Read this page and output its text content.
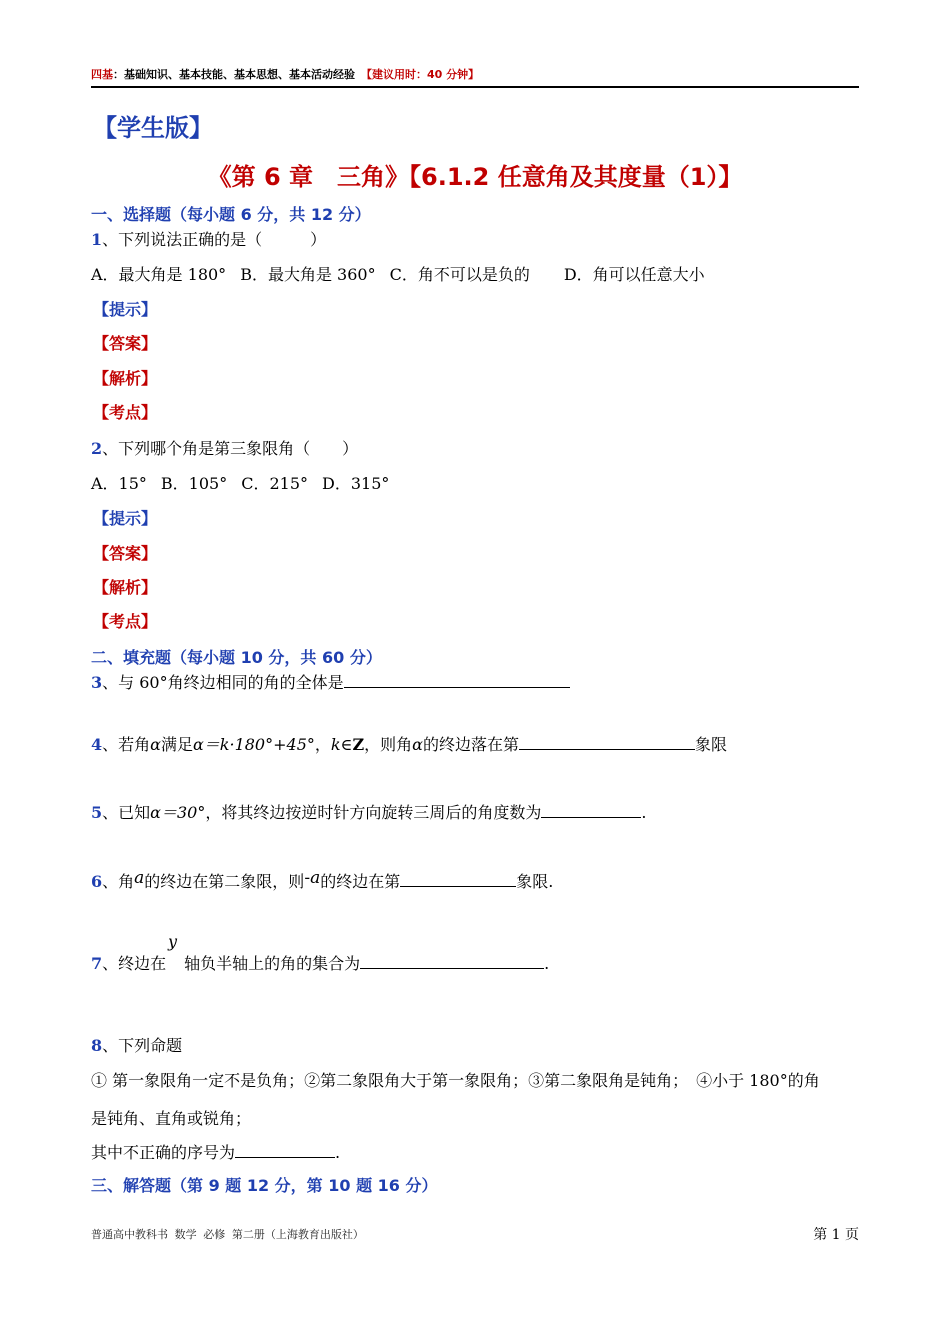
四基：基础知识、基本技能、基本思想、基本活动经验 【建议用时：40 分钟】
【学生版】
《第 6 章　三角》【6.1.2 任意角及其度量（1）】
一、选择题（每小题 6 分，共 12 分）
1、下列说法正确的是（　　　）
A．最大角是 180° B．最大角是 360° C．角不可以是负的 D．角可以任意大小
【提示】
【答案】
【解析】
【考点】
2、下列哪个角是第三象限角（　　）
A．15° B．105° C．215° D．315°
【提示】
【答案】
【解析】
【考点】
二、填充题（每小题 10 分，共 60 分）
3、与 60°角终边相同的角的全体是
4、若角α满足α＝k·180°+45°，k∈Z，则角α的终边落在第	象限
5、已知α＝30°，将其终边按逆时针方向旋转三周后的角度数为	.
6、角a的终边在第二象限，则-a的终边在第	象限.
y
7、终边在 轴负半轴上的角的集合为	.
8、下列命题
① 第一象限角一定不是负角；②第二象限角大于第一象限角；③第二象限角是钝角；　④小于 180°的角
是钝角、直角或锐角；
其中不正确的序号为	.
三、解答题（第 9 题 12 分，第 10 题 16 分）
普通高中教科书 数学 必修 第二册（上海教育出版社）	第 1 页
